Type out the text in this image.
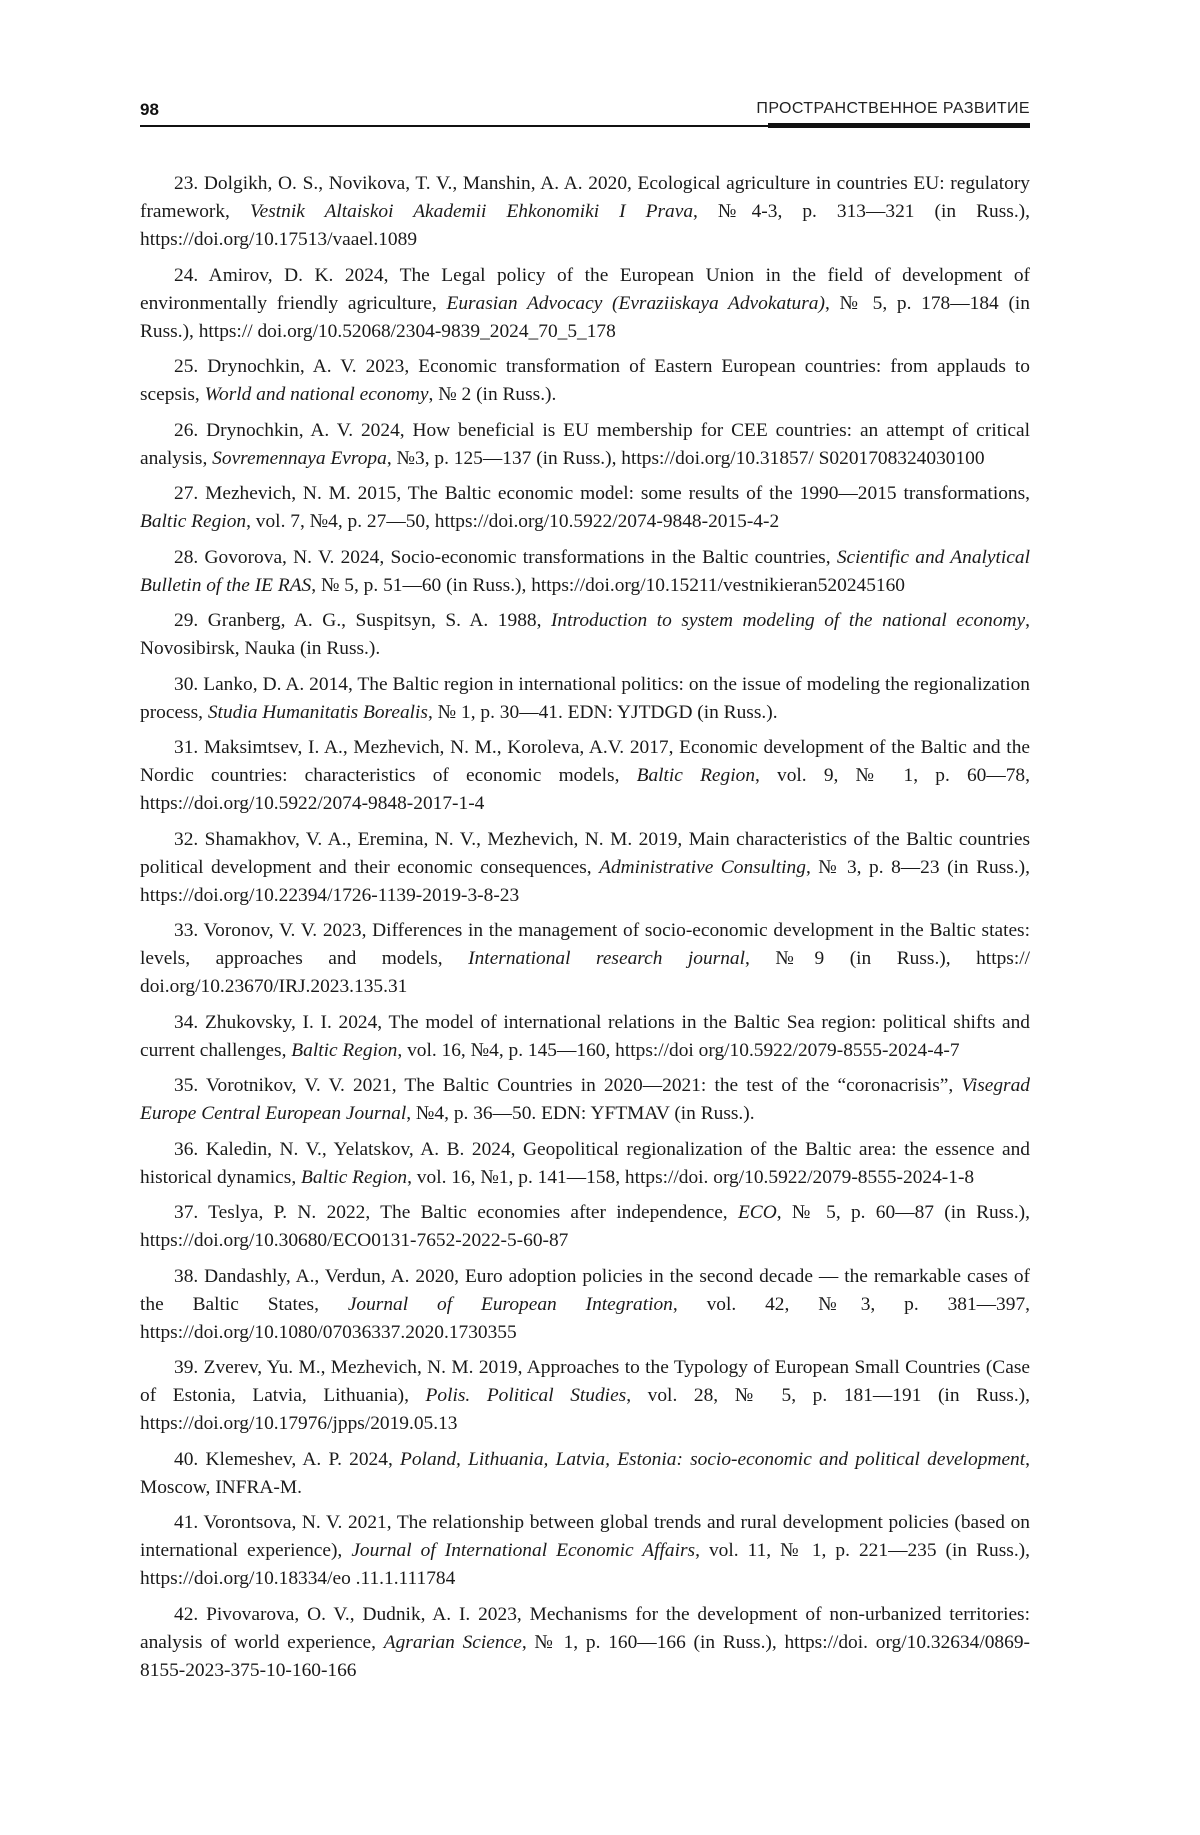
98	ПРОСТРАНСТВЕННОЕ РАЗВИТИЕ

23. Dolgikh, O. S., Novikova, T. V., Manshin, A. A. 2020, Ecological agriculture in countries EU: regulatory framework, Vestnik Altaiskoi Akademii Ehkonomiki I Prava, №4-3, p. 313—321 (in Russ.), https://doi.org/10.17513/vaael.1089

24. Amirov, D. K. 2024, The Legal policy of the European Union in the field of development of environmentally friendly agriculture, Eurasian Advocacy (Evraziiskaya Advokatura), № 5, p. 178—184 (in Russ.), https:// doi.org/10.52068/2304-9839_2024_70_5_178

25. Drynochkin, A. V. 2023, Economic transformation of Eastern European countries: from applauds to scepsis, World and national economy, № 2 (in Russ.).

26. Drynochkin, A. V. 2024, How beneficial is EU membership for CEE countries: an attempt of critical analysis, Sovremennaya Evropa, №3, p. 125—137 (in Russ.), https://doi.org/10.31857/ S0201708324030100

27. Mezhevich, N. M. 2015, The Baltic economic model: some results of the 1990—2015 transformations, Baltic Region, vol. 7, №4, p. 27—50, https://doi.org/10.5922/2074-9848-2015-4-2

28. Govorova, N. V. 2024, Socio-economic transformations in the Baltic countries, Scientific and Analytical Bulletin of the IE RAS, № 5, p. 51—60 (in Russ.), https://doi.org/10.15211/vestnikieran520245160

29. Granberg, A. G., Suspitsyn, S. A. 1988, Introduction to system modeling of the national economy, Novosibirsk, Nauka (in Russ.).

30. Lanko, D. A. 2014, The Baltic region in international politics: on the issue of modeling the regionalization process, Studia Humanitatis Borealis, № 1, p. 30—41. EDN: YJTDGD (in Russ.).

31. Maksimtsev, I. A., Mezhevich, N. M., Koroleva, A.V. 2017, Economic development of the Baltic and the Nordic countries: characteristics of economic models, Baltic Region, vol. 9, № 1, p. 60—78, https://doi.org/10.5922/2074-9848-2017-1-4

32. Shamakhov, V. A., Eremina, N. V., Mezhevich, N. M. 2019, Main characteristics of the Baltic countries political development and their economic consequences, Administrative Consulting, № 3, p. 8—23 (in Russ.), https://doi.org/10.22394/1726-1139-2019-3-8-23

33. Voronov, V. V. 2023, Differences in the management of socio-economic development in the Baltic states: levels, approaches and models, International research journal, №9 (in Russ.), https:// doi.org/10.23670/IRJ.2023.135.31

34. Zhukovsky, I. I. 2024, The model of international relations in the Baltic Sea region: political shifts and current challenges, Baltic Region, vol. 16, №4, p. 145—160, https://doi org/10.5922/2079-8555-2024-4-7

35. Vorotnikov, V. V. 2021, The Baltic Countries in 2020—2021: the test of the “coronacrisis”, Visegrad Europe Central European Journal, №4, p. 36—50. EDN: YFTMAV (in Russ.).

36. Kaledin, N. V., Yelatskov, A. B. 2024, Geopolitical regionalization of the Baltic area: the essence and historical dynamics, Baltic Region, vol. 16, №1, p. 141—158, https://doi. org/10.5922/2079-8555-2024-1-8

37. Teslya, P. N. 2022, The Baltic economies after independence, ECO, № 5, p. 60—87 (in Russ.), https://doi.org/10.30680/ECO0131-7652-2022-5-60-87

38. Dandashly, A., Verdun, A. 2020, Euro adoption policies in the second decade — the remarkable cases of the Baltic States, Journal of European Integration, vol. 42, №3, p. 381—397, https://doi.org/10.1080/07036337.2020.1730355

39. Zverev, Yu. M., Mezhevich, N. M. 2019, Approaches to the Typology of European Small Countries (Case of Estonia, Latvia, Lithuania), Polis. Political Studies, vol. 28, № 5, p. 181—191 (in Russ.), https://doi.org/10.17976/jpps/2019.05.13

40. Klemeshev, A. P. 2024, Poland, Lithuania, Latvia, Estonia: socio-economic and political development, Moscow, INFRA-M.

41. Vorontsova, N. V. 2021, The relationship between global trends and rural development policies (based on international experience), Journal of International Economic Affairs, vol. 11, № 1, p. 221—235 (in Russ.), https://doi.org/10.18334/eo .11.1.111784

42. Pivovarova, O. V., Dudnik, A. I. 2023, Mechanisms for the development of non-urbanized territories: analysis of world experience, Agrarian Science, № 1, p. 160—166 (in Russ.), https://doi. org/10.32634/0869-8155-2023-375-10-160-166
